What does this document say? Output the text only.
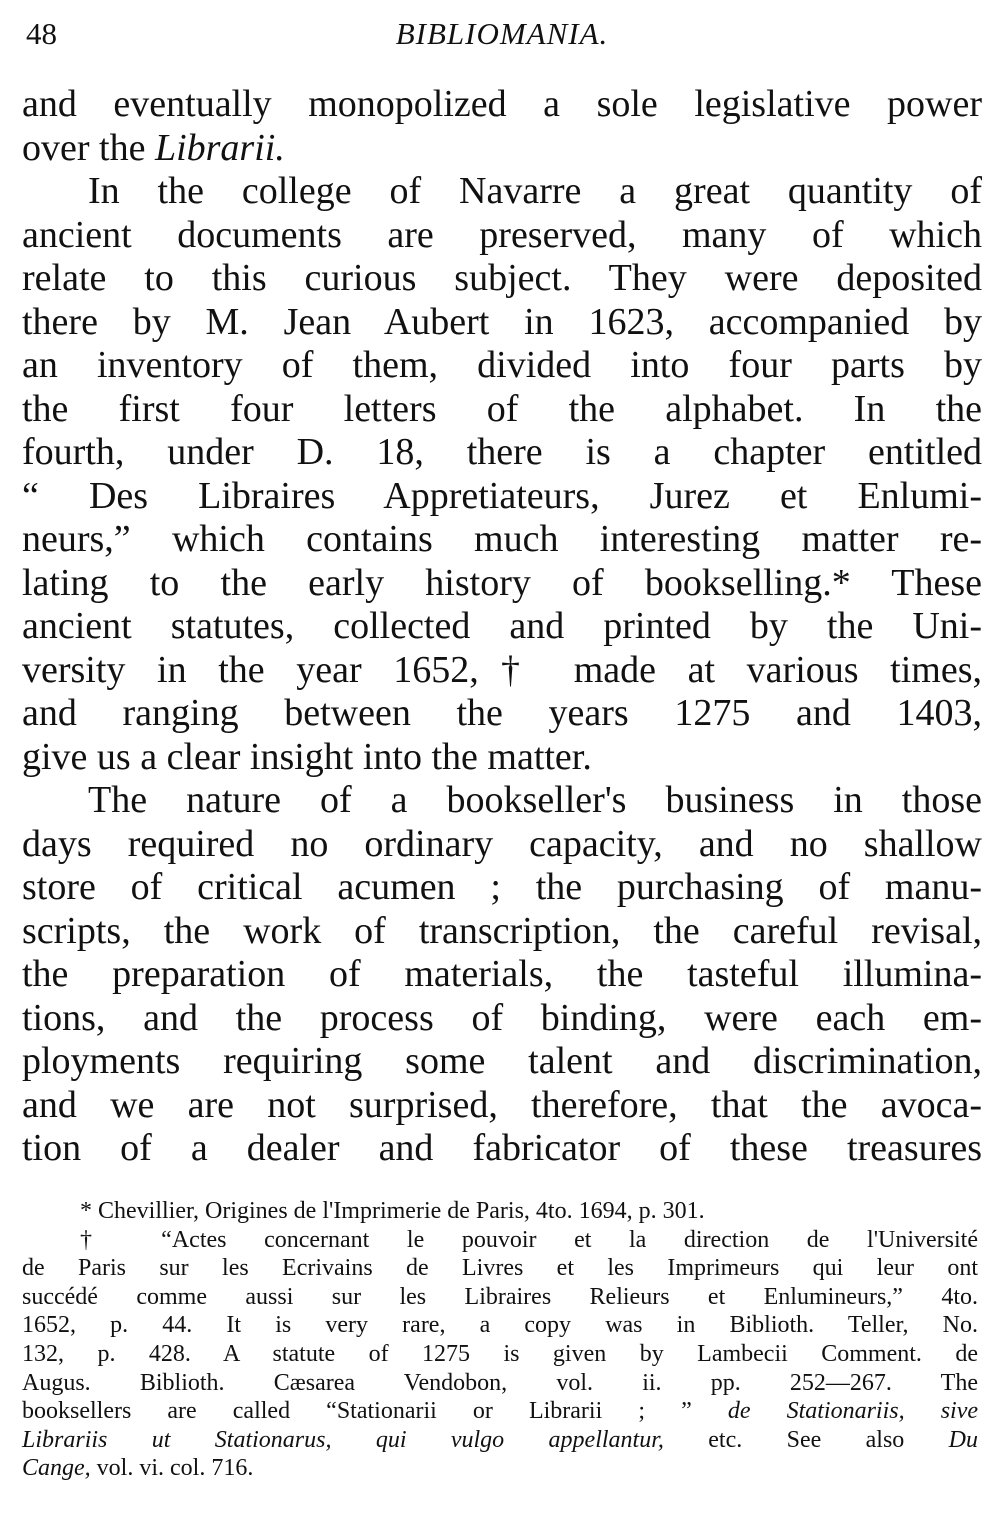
48	BIBLIOMANIA.
and eventually monopolized a sole legislative power
over the Librarii.
In the college of Navarre a great quantity of
ancient documents are preserved, many of which
relate to this curious subject. They were deposited
there by M. Jean Aubert in 1623, accompanied by
an inventory of them, divided into four parts by
the first four letters of the alphabet. In the
fourth, under D. 18, there is a chapter entitled
“ Des Libraires Appretiateurs, Jurez et Enlumi-
neurs,” which contains much interesting matter re-
lating to the early history of bookselling.* These
ancient statutes, collected and printed by the Uni-
versity in the year 1652,† made at various times,
and ranging between the years 1275 and 1403,
give us a clear insight into the matter.
The nature of a bookseller's business in those
days required no ordinary capacity, and no shallow
store of critical acumen ; the purchasing of manu-
scripts, the work of transcription, the careful revisal,
the preparation of materials, the tasteful illumina-
tions, and the process of binding, were each em-
ployments requiring some talent and discrimination,
and we are not surprised, therefore, that the avoca-
tion of a dealer and fabricator of these treasures
* Chevillier, Origines de l'Imprimerie de Paris, 4to. 1694, p. 301.
† “Actes concernant le pouvoir et la direction de l'Université
de Paris sur les Ecrivains de Livres et les Imprimeurs qui leur ont
succédé comme aussi sur les Libraires Relieurs et Enlumineurs,” 4to.
1652, p. 44. It is very rare, a copy was in Biblioth. Teller, No.
132, p. 428. A statute of 1275 is given by Lambecii Comment. de
Augus. Biblioth. Cæsarea Vendobon, vol. ii. pp. 252—267. The
booksellers are called “Stationarii or Librarii ; ” de Stationariis, sive
Librariis ut Stationarus, qui vulgo appellantur, etc. See also Du
Cange, vol. vi. col. 716.
